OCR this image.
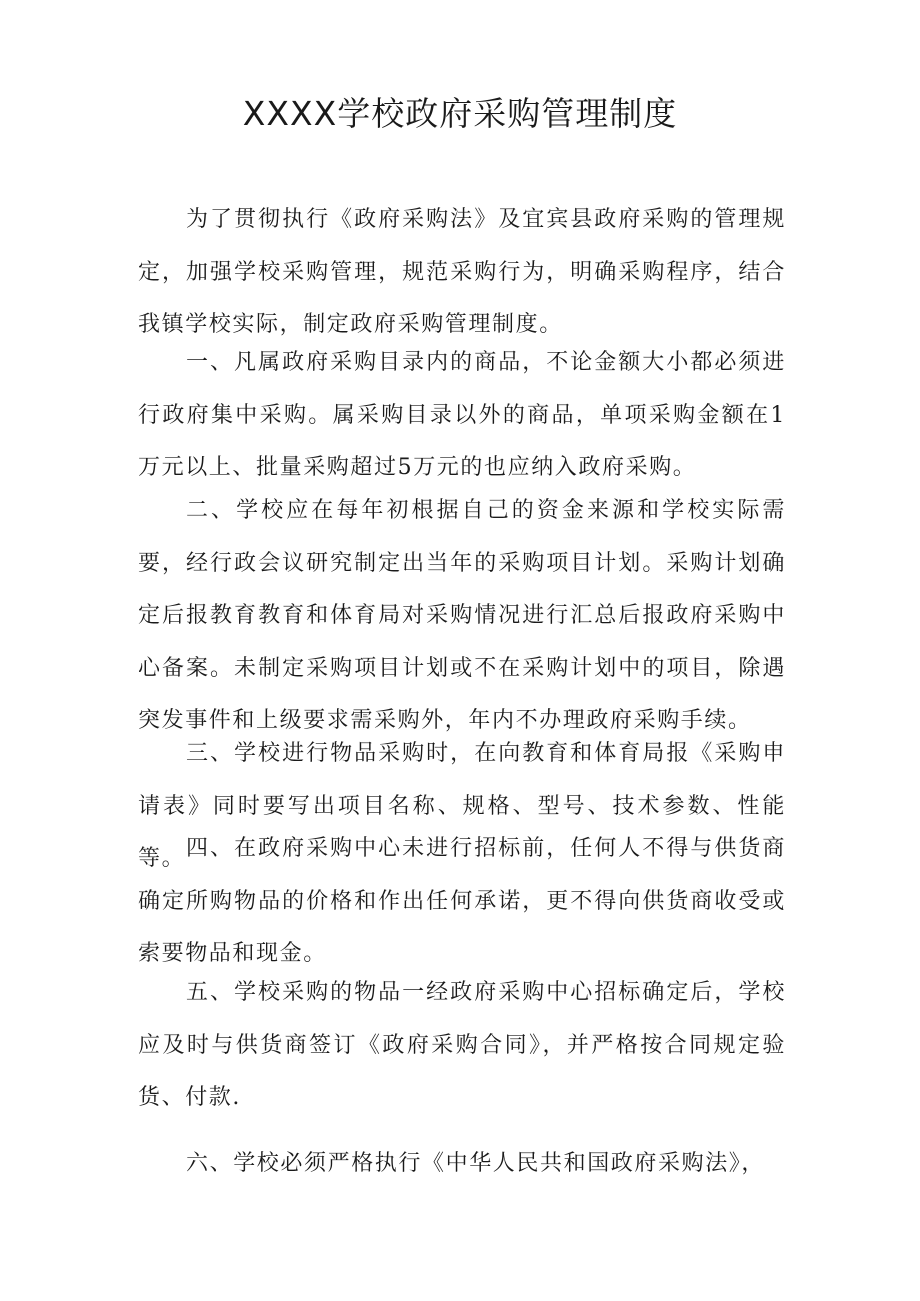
XXXX学校政府采购管理制度

为了贯彻执行《政府采购法》及宜宾县政府采购的管理规定，加强学校采购管理，规范采购行为，明确采购程序，结合我镇学校实际，制定政府采购管理制度。

一、凡属政府采购目录内的商品，不论金额大小都必须进行政府集中采购。属采购目录以外的商品，单项采购金额在1万元以上、批量采购超过5万元的也应纳入政府采购。

二、学校应在每年初根据自己的资金来源和学校实际需要，经行政会议研究制定出当年的采购项目计划。采购计划确定后报教育教育和体育局对采购情况进行汇总后报政府采购中心备案。未制定采购项目计划或不在采购计划中的项目，除遇突发事件和上级要求需采购外，年内不办理政府采购手续。

三、学校进行物品采购时，在向教育和体育局报《采购申请表》同时要写出项目名称、规格、型号、技术参数、性能等。 四、在政府采购中心未进行招标前，任何人不得与供货商确定所购物品的价格和作出任何承诺，更不得向供货商收受或索要物品和现金。

五、学校采购的物品一经政府采购中心招标确定后，学校应及时与供货商签订《政府采购合同》，并严格按合同规定验货、付款.

六、学校必须严格执行《中华人民共和国政府采购法》，
